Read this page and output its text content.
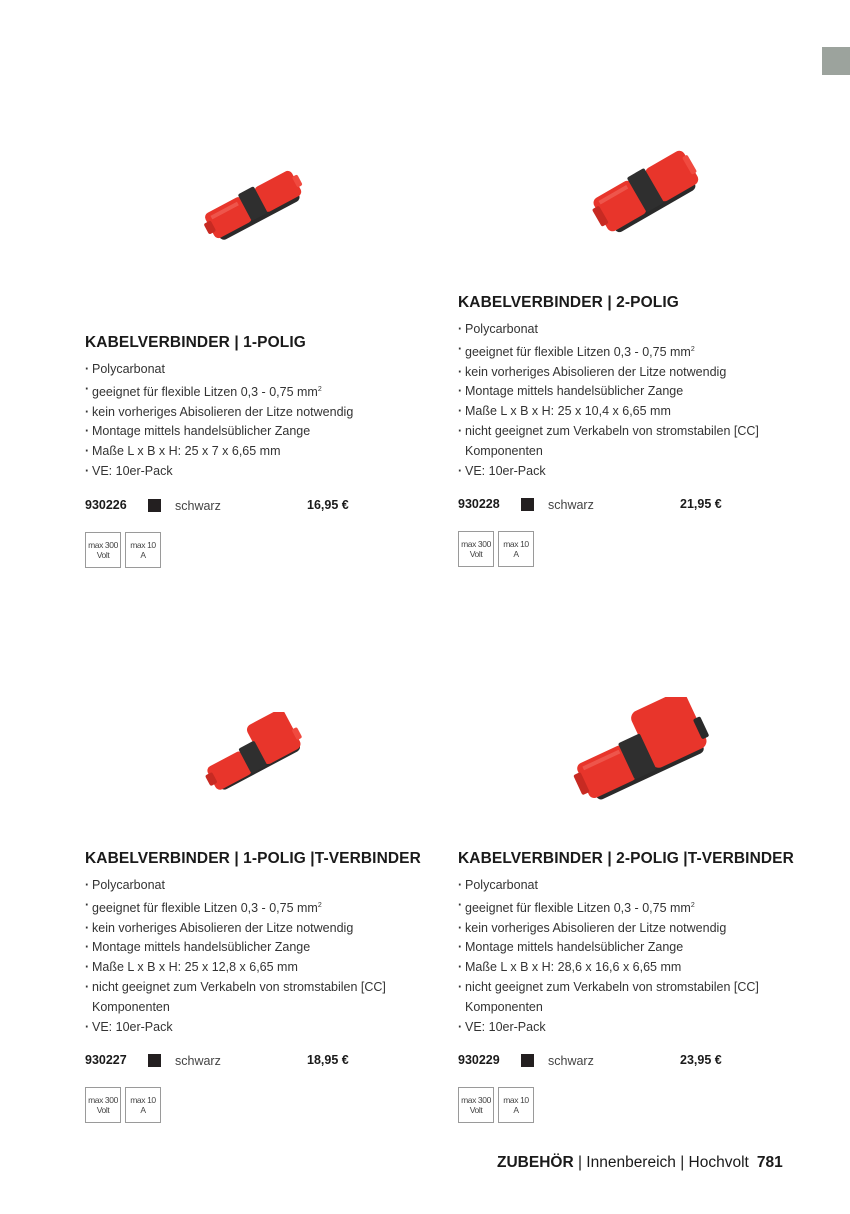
KABELVERBINDER | 1-POLIG
· Polycarbonat
· geeignet für flexible Litzen 0,3 - 0,75 $mm^2$
· kein vorheriges Abisolieren der Litze notwendig
· Montage mittels handelsüblicher Zange
· Maße L x B x H: 25 x 7 x 6,65 mm
· VE: 10er-Pack
930226	schwarz	16,95 €
max 300
Volt
max 10
A
KABELVERBINDER | 2-POLIG
· Polycarbonat
· geeignet für flexible Litzen 0,3 - 0,75 $mm^2$
· kein vorheriges Abisolieren der Litze notwendig
· Montage mittels handelsüblicher Zange
· Maße L x B x H: 25 x 10,4 x 6,65 mm
· nicht geeignet zum Verkabeln von stromstabilen [CC] Komponenten
· VE: 10er-Pack
930228	schwarz	21,95 €
max 300
Volt
max 10
A
KABELVERBINDER | 1-POLIG |T-VERBINDER
· Polycarbonat
· geeignet für flexible Litzen 0,3 - 0,75 $mm^2$
· kein vorheriges Abisolieren der Litze notwendig
· Montage mittels handelsüblicher Zange
· Maße L x B x H: 25 x 12,8 x 6,65 mm
· nicht geeignet zum Verkabeln von stromstabilen [CC] Komponenten
· VE: 10er-Pack
930227	schwarz	18,95 €
max 300
Volt
max 10
A
KABELVERBINDER | 2-POLIG |T-VERBINDER
· Polycarbonat
· geeignet für flexible Litzen 0,3 - 0,75 $mm^2$
· kein vorheriges Abisolieren der Litze notwendig
· Montage mittels handelsüblicher Zange
· Maße L x B x H: 28,6 x 16,6 x 6,65 mm
· nicht geeignet zum Verkabeln von stromstabilen [CC] Komponenten
· VE: 10er-Pack
930229	schwarz	23,95 €
max 300
Volt
max 10
A
ZUBEHÖR | Innenbereich | Hochvolt 781
